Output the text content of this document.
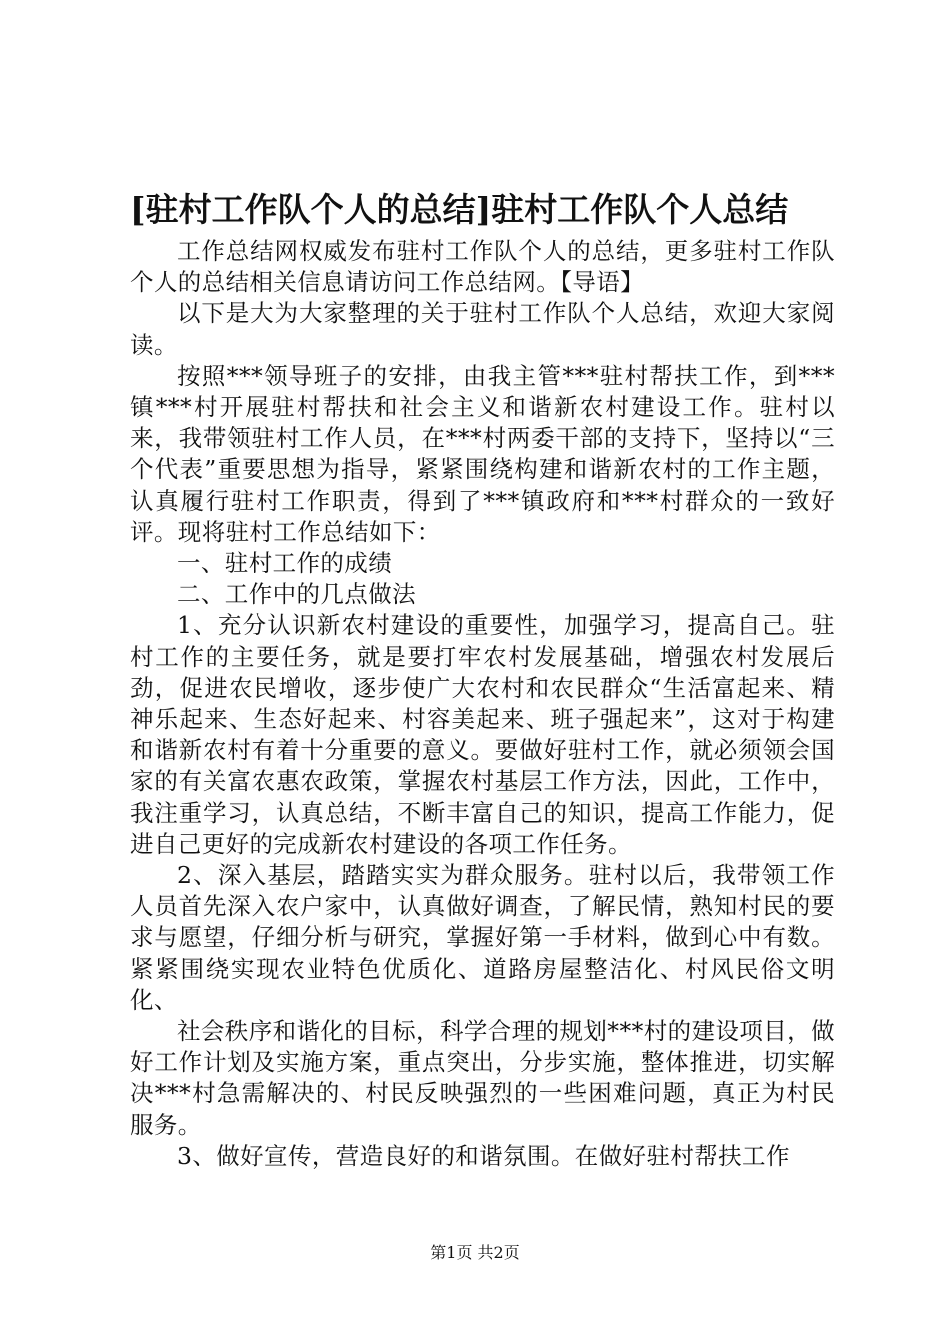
[驻村工作队个人的总结]驻村工作队个人总结

工作总结网权威发布驻村工作队个人的总结，更多驻村工作队个人的总结相关信息请访问工作总结网。【导语】

以下是大为大家整理的关于驻村工作队个人总结，欢迎大家阅读。

按照***领导班子的安排，由我主管***驻村帮扶工作，到***镇***村开展驻村帮扶和社会主义和谐新农村建设工作。驻村以来，我带领驻村工作人员，在***村两委干部的支持下，坚持以“三个代表”重要思想为指导，紧紧围绕构建和谐新农村的工作主题，认真履行驻村工作职责，得到了***镇政府和***村群众的一致好评。现将驻村工作总结如下：

一、驻村工作的成绩

二、工作中的几点做法

1、充分认识新农村建设的重要性，加强学习，提高自己。驻村工作的主要任务，就是要打牢农村发展基础，增强农村发展后劲，促进农民增收，逐步使广大农村和农民群众“生活富起来、精神乐起来、生态好起来、村容美起来、班子强起来”，这对于构建和谐新农村有着十分重要的意义。要做好驻村工作，就必须领会国家的有关富农惠农政策，掌握农村基层工作方法，因此，工作中，我注重学习，认真总结，不断丰富自己的知识，提高工作能力，促进自己更好的完成新农村建设的各项工作任务。

2、深入基层，踏踏实实为群众服务。驻村以后，我带领工作人员首先深入农户家中，认真做好调查，了解民情，熟知村民的要求与愿望，仔细分析与研究，掌握好第一手材料，做到心中有数。紧紧围绕实现农业特色优质化、道路房屋整洁化、村风民俗文明化、

社会秩序和谐化的目标，科学合理的规划***村的建设项目，做好工作计划及实施方案，重点突出，分步实施，整体推进，切实解决***村急需解决的、村民反映强烈的一些困难问题，真正为村民服务。

3、做好宣传，营造良好的和谐氛围。在做好驻村帮扶工作

第1页 共2页
